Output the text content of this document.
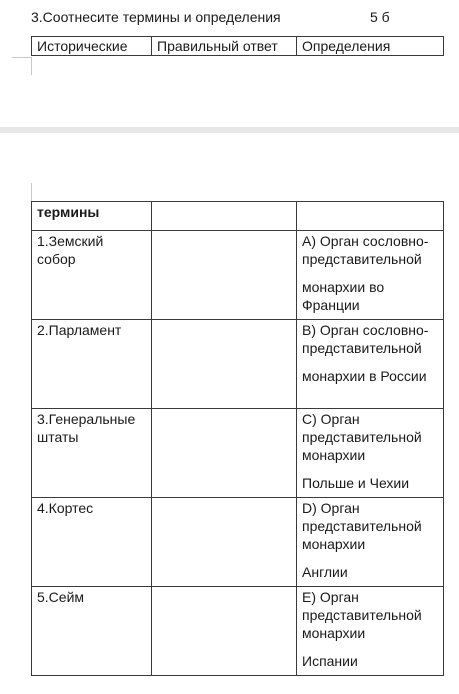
3.Соотнесите термины и определения	5 б
Исторические	Правильный ответ	Определения
термины		

1.Земский
собор		А) Орган сословно-
представительной
монархии во
Франции

2.Парламент		В) Орган сословно-
представительной
монархии в России

3.Генеральные
штаты		С) Орган
представительной
монархии
Польше и Чехии

4.Кортес		D) Орган
представительной
монархии
Англии

5.Сейм		Е) Орган
представительной
монархии
Испании
